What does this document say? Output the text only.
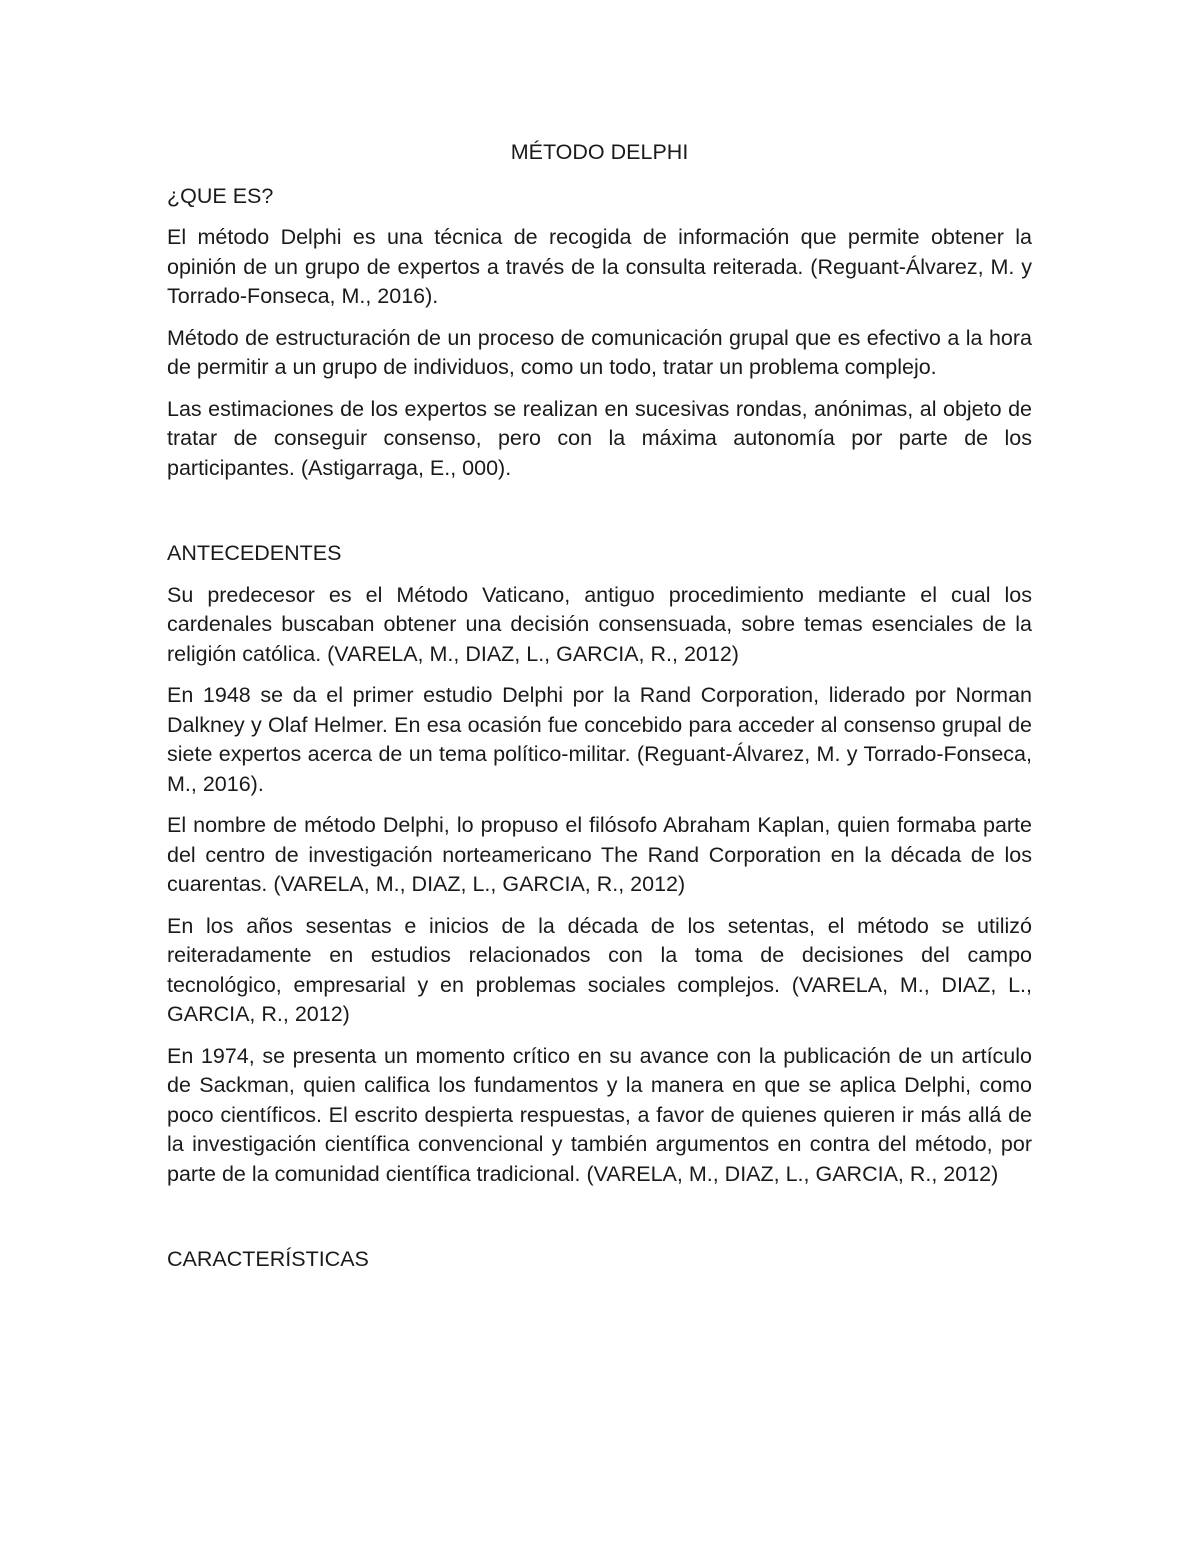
MÉTODO DELPHI
¿QUE ES?

El método Delphi es una técnica de recogida de información que permite obtener la opinión de un grupo de expertos a través de la consulta reiterada. (Reguant-Álvarez, M. y Torrado-Fonseca, M., 2016).

Método de estructuración de un proceso de comunicación grupal que es efectivo a la hora de permitir a un grupo de individuos, como un todo, tratar un problema complejo.

Las estimaciones de los expertos se realizan en sucesivas rondas, anónimas, al objeto de tratar de conseguir consenso, pero con la máxima autonomía por parte de los participantes. (Astigarraga, E., 000).

ANTECEDENTES

Su predecesor es el Método Vaticano, antiguo procedimiento mediante el cual los cardenales buscaban obtener una decisión consensuada, sobre temas esenciales de la religión católica. (VARELA, M., DIAZ, L., GARCIA, R., 2012)

En 1948 se da el primer estudio Delphi por la Rand Corporation, liderado por Norman Dalkney y Olaf Helmer. En esa ocasión fue concebido para acceder al consenso grupal de siete expertos acerca de un tema político-militar. (Reguant-Álvarez, M. y Torrado-Fonseca, M., 2016).

El nombre de método Delphi, lo propuso el filósofo Abraham Kaplan, quien formaba parte del centro de investigación norteamericano The Rand Corporation en la década de los cuarentas. (VARELA, M., DIAZ, L., GARCIA, R., 2012)

En los años sesentas e inicios de la década de los setentas, el método se utilizó reiteradamente en estudios relacionados con la toma de decisiones del campo tecnológico, empresarial y en problemas sociales complejos. (VARELA, M., DIAZ, L., GARCIA, R., 2012)

En 1974, se presenta un momento crítico en su avance con la publicación de un artículo de Sackman, quien califica los fundamentos y la manera en que se aplica Delphi, como poco científicos. El escrito despierta respuestas, a favor de quienes quieren ir más allá de la investigación científica convencional y también argumentos en contra del método, por parte de la comunidad científica tradicional. (VARELA, M., DIAZ, L., GARCIA, R., 2012)

CARACTERÍSTICAS
